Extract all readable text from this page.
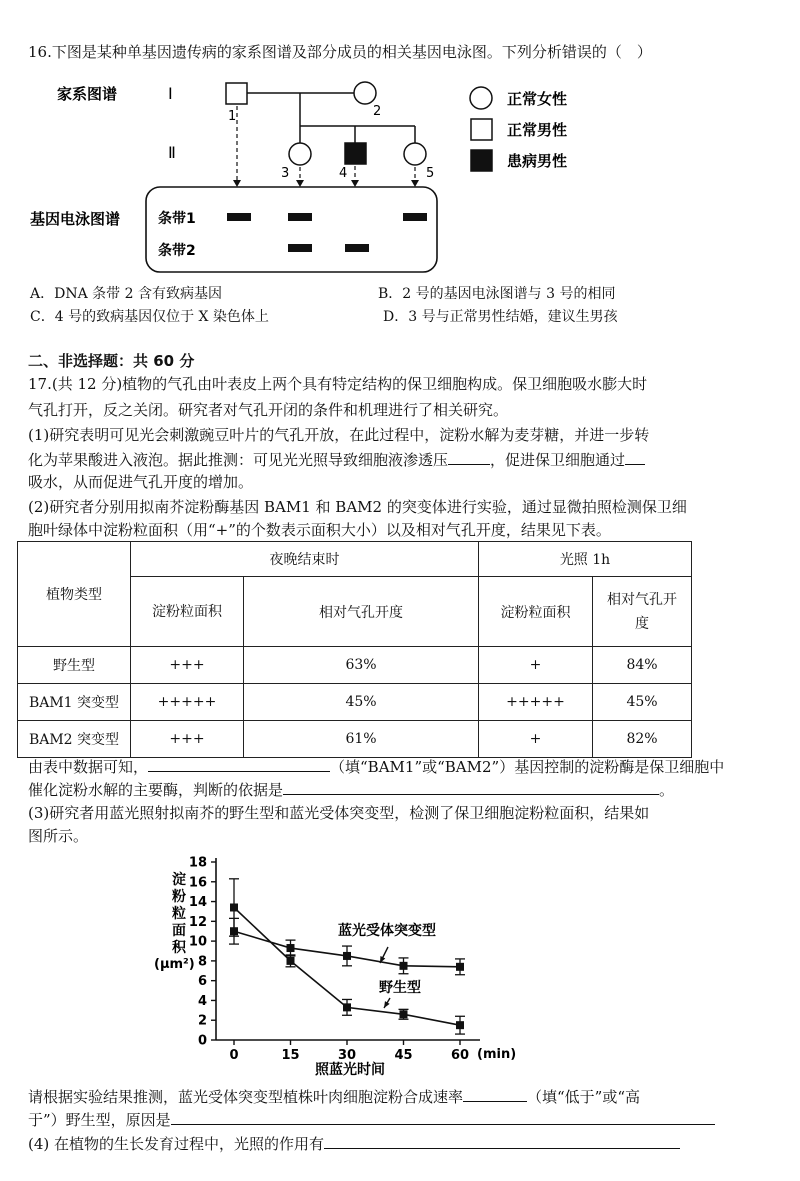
16.下图是某种单基因遗传病的家系图谱及部分成员的相关基因电泳图。下列分析错误的（　）
家系图谱	Ⅰ
Ⅱ
1	2
3	4	5
基因电泳图谱	条带1
条带2
正常女性
正常男性
患病男性
A．DNA 条带 2 含有致病基因	B．2 号的基因电泳图谱与 3 号的相同
C．4 号的致病基因仅位于 X 染色体上	D．3 号与正常男性结婚，建议生男孩
二、非选择题：共 60 分
17.(共 12 分)植物的气孔由叶表皮上两个具有特定结构的保卫细胞构成。保卫细胞吸水膨大时
气孔打开，反之关闭。研究者对气孔开闭的条件和机理进行了相关研究。
(1)研究表明可见光会刺激豌豆叶片的气孔开放，在此过程中，淀粉水解为麦芽糖，并进一步转
化为苹果酸进入液泡。据此推测：可见光光照导致细胞液渗透压	，促进保卫细胞通过
吸水，从而促进气孔开度的增加。
(2)研究者分别用拟南芥淀粉酶基因 BAM1 和 BAM2 的突变体进行实验，通过显微拍照检测保卫细
胞叶绿体中淀粉粒面积（用“+”的个数表示面积大小）以及相对气孔开度，结果见下表。
植物类型	夜晚结束时		光照 1h	
	淀粉粒面积	相对气孔开度	淀粉粒面积	相对气孔开度
野生型	+++	63%	+	84%
BAM1 突变型	+++++	45%	+++++	45%
BAM2 突变型	+++	61%	+	82%
由表中数据可知，	（填“BAM1”或“BAM2”）基因控制的淀粉酶是保卫细胞中
催化淀粉水解的主要酶，判断的依据是	。
(3)研究者用蓝光照射拟南芥的野生型和蓝光受体突变型，检测了保卫细胞淀粉粒面积，结果如
图所示。
淀粉粒面积
(μm²)
照蓝光时间
(min)
蓝光受体突变型
野生型
0
2
4
6
8
10
12
14
16
18
0	15	30	45	60
请根据实验结果推测，蓝光受体突变型植株叶肉细胞淀粉合成速率	（填“低于”或“高
于”）野生型，原因是
(4) 在植物的生长发育过程中，光照的作用有
